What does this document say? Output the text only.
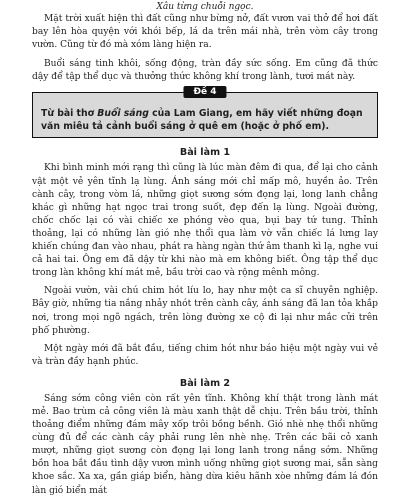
Xâu từng chuỗi ngọc.

Mặt trời xuất hiện thì đất cũng như bừng nở, đất vươn vai thở để hơi đất bay lên hòa quyện với khói bếp, lá da trên mái nhà, trên vòm cây trong vườn. Cũng từ đó mà xóm làng hiện ra.

Buổi sáng tinh khôi, sống động, tràn đầy sức sống. Em cũng đã thức dậy để tập thể dục và thưởng thức không khí trong lành, tươi mát này.

Đề 4

Từ bài thơ Buổi sáng của Lam Giang, em hãy viết những đoạn văn miêu tả cảnh buổi sáng ở quê em (hoặc ở phố em).

Bài làm 1

Khi bình minh mới rạng thì cũng là lúc màn đêm đi qua, để lại cho cảnh vật một vẻ yên tĩnh lạ lùng. Ánh sáng mới chỉ mấp mô, huyền ảo. Trên cành cây, trong vòm lá, những giọt sương sớm đọng lại, long lanh chẳng khác gì những hạt ngọc trai trong suốt, đẹp đến lạ lùng. Ngoài đường, chốc chốc lại có vài chiếc xe phóng vèo qua, bụi bay tứ tung. Thỉnh thoảng, lại có những làn gió nhẹ thổi qua làm vờ vẫn chiếc lá lưng lay khiến chúng đan vào nhau, phát ra hàng ngàn thứ âm thanh kì lạ, nghe vui cả hai tai. Ông em đã dậy từ khi nào mà em không biết. Ông tập thể dục trong làn không khí mát mẻ, bầu trời cao và rộng mênh mông.

Ngoài vườn, vài chú chim hót líu lo, hay như một ca sĩ chuyên nghiệp. Bây giờ, những tia nắng nhảy nhót trên cành cây, ánh sáng đã lan tỏa khắp nơi, trong mọi ngõ ngách, trên lòng đường xe cộ đi lại như mắc cửi trên phố phường.

Một ngày mới đã bắt đầu, tiếng chim hót như báo hiệu một ngày vui vẻ và tràn đầy hạnh phúc.

Bài làm 2

Sáng sớm công viên còn rất yên tĩnh. Không khí thật trong lành mát mẻ. Bao trùm cả công viên là màu xanh thật dễ chịu. Trên bầu trời, thỉnh thoảng điểm những đám mây xốp trôi bồng bềnh. Gió nhè nhẹ thổi những cùng đủ để các cành cây phải rung lên nhè nhẹ. Trên các bãi cỏ xanh mượt, những giọt sương còn đọng lại long lanh trong nắng sớm. Những bồn hoa bắt đầu tình dậy vươn mình uống những giọt sương mai, sẵn sàng khoe sắc. Xa xa, gần giáp biển, hàng dừa kiêu hãnh xòe những đám lá đón làn gió biển mát
